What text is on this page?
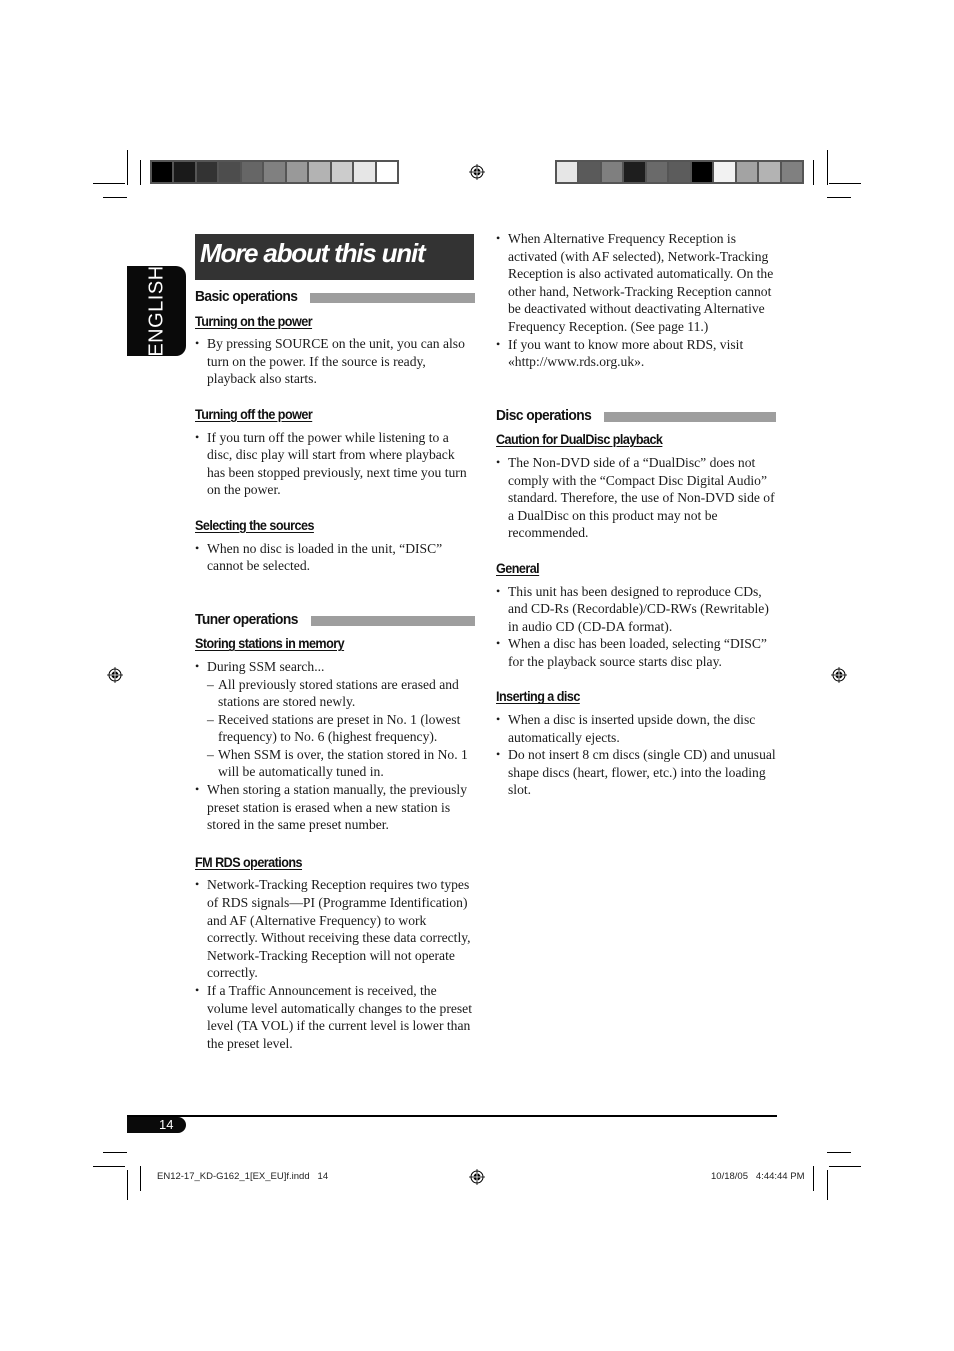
ENGLISH
More about this unit
Basic operations
Turning on the power
• By pressing SOURCE on the unit, you can also turn on the power. If the source is ready, playback also starts.
Turning off the power
• If you turn off the power while listening to a disc, disc play will start from where playback has been stopped previously, next time you turn on the power.
Selecting the sources
• When no disc is loaded in the unit, “DISC” cannot be selected.
Tuner operations
Storing stations in memory
• During SSM search...
– All previously stored stations are erased and stations are stored newly.
– Received stations are preset in No. 1 (lowest frequency) to No. 6 (highest frequency).
– When SSM is over, the station stored in No. 1 will be automatically tuned in.
• When storing a station manually, the previously preset station is erased when a new station is stored in the same preset number.
FM RDS operations
• Network-Tracking Reception requires two types of RDS signals—PI (Programme Identification) and AF (Alternative Frequency) to work correctly. Without receiving these data correctly, Network-Tracking Reception will not operate correctly.
• If a Traffic Announcement is received, the volume level automatically changes to the preset level (TA VOL) if the current level is lower than the preset level.
• When Alternative Frequency Reception is activated (with AF selected), Network-Tracking Reception is also activated automatically. On the other hand, Network-Tracking Reception cannot be deactivated without deactivating Alternative Frequency Reception. (See page 11.)
• If you want to know more about RDS, visit «http://www.rds.org.uk».
Disc operations
Caution for DualDisc playback
• The Non-DVD side of a “DualDisc” does not comply with the “Compact Disc Digital Audio” standard. Therefore, the use of Non-DVD side of a DualDisc on this product may not be recommended.
General
• This unit has been designed to reproduce CDs, and CD-Rs (Recordable)/CD-RWs (Rewritable) in audio CD (CD-DA format).
• When a disc has been loaded, selecting “DISC” for the playback source starts disc play.
Inserting a disc
• When a disc is inserted upside down, the disc automatically ejects.
• Do not insert 8 cm discs (single CD) and unusual shape discs (heart, flower, etc.) into the loading slot.
14
EN12-17_KD-G162_1[EX_EU]f.indd   14	10/18/05   4:44:44 PM
